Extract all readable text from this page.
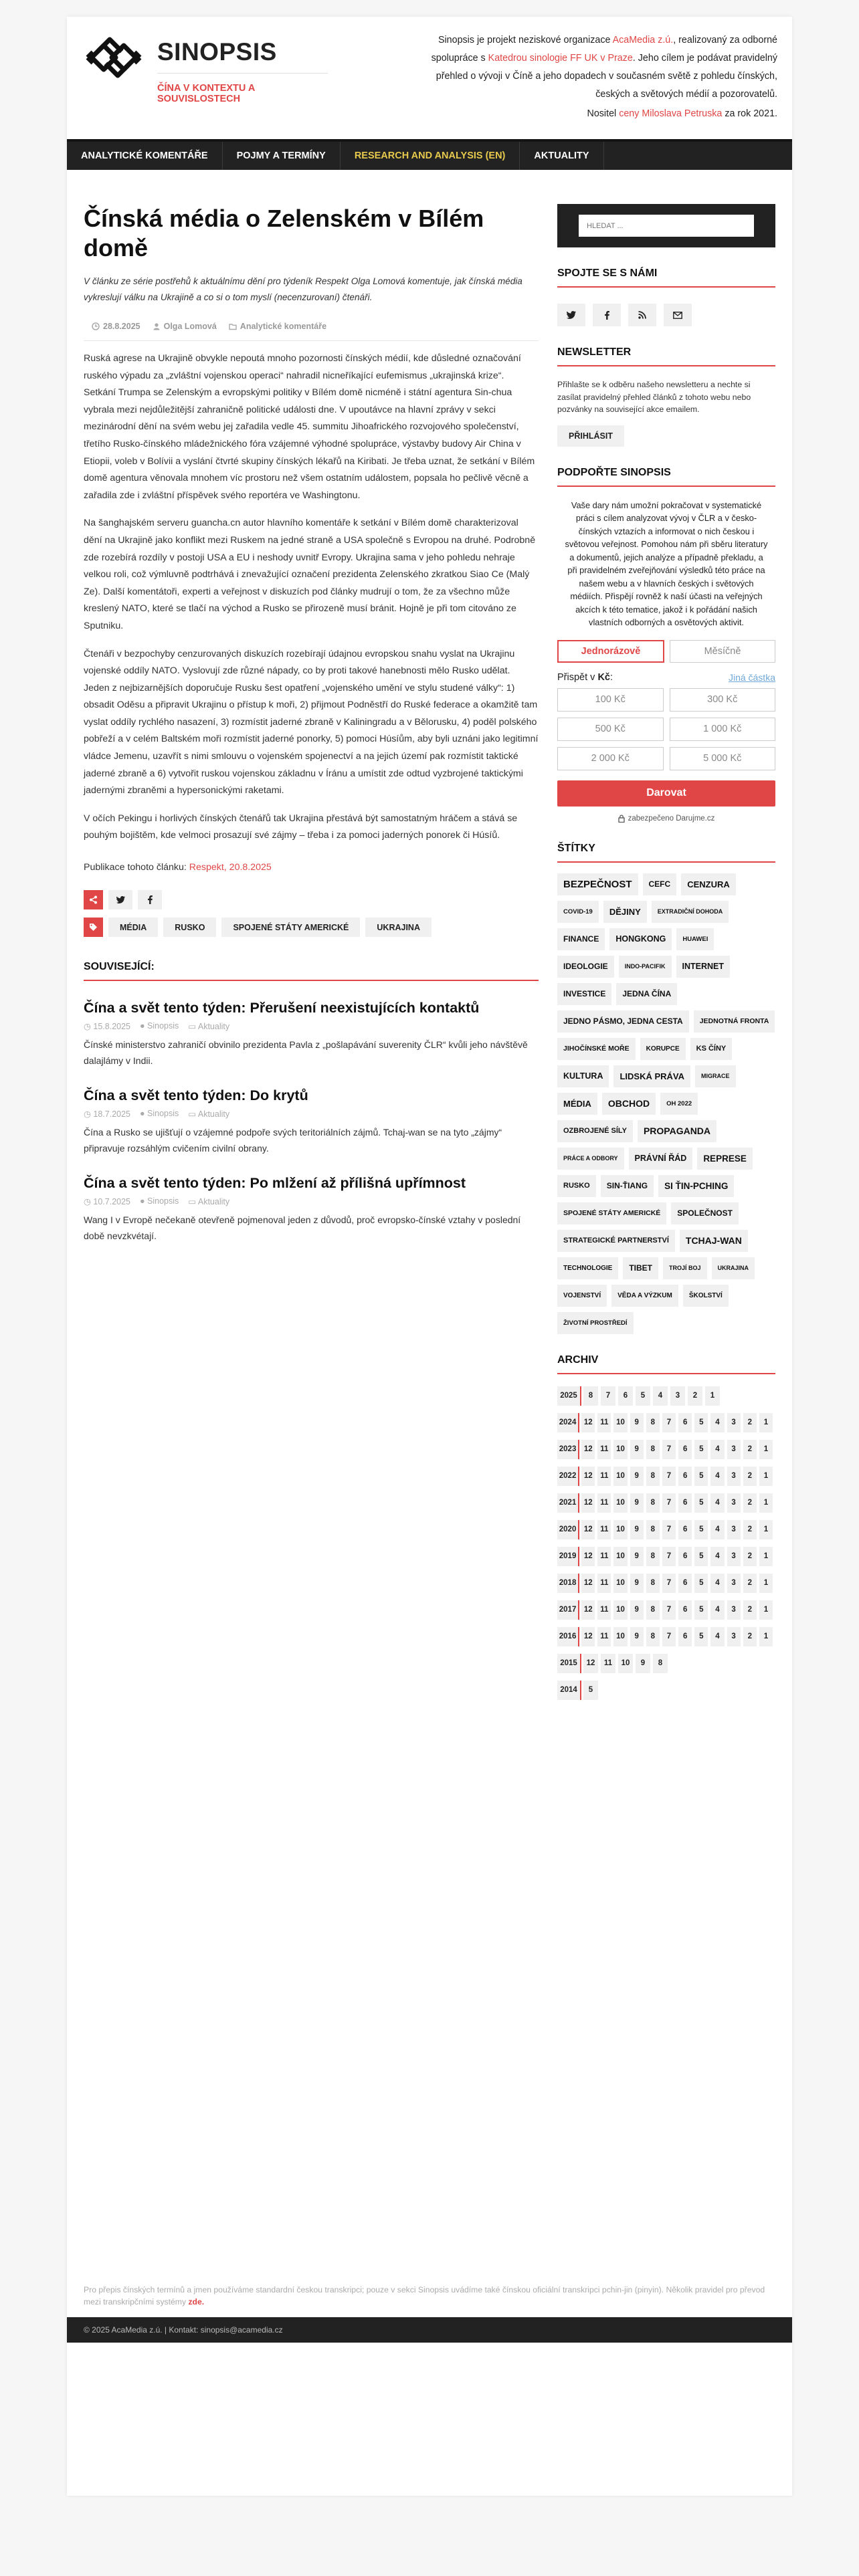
SINOPSIS
ČÍNA V KONTEXTU A SOUVISLOSTECH
Sinopsis je projekt neziskové organizace AcaMedia z.ú., realizovaný za odborné spolupráce s Katedrou sinologie FF UK v Praze. Jeho cílem je podávat pravidelný přehled o vývoji v Číně a jeho dopadech v současném světě z pohledu čínských, českých a světových médií a pozorovatelů.
Nositel ceny Miloslava Petruska za rok 2021.
ANALYTICKÉ KOMENTÁŘE	POJMY A TERMÍNY	RESEARCH AND ANALYSIS (EN)	AKTUALITY
Čínská média o Zelenském v Bílém domě

V článku ze série postřehů k aktuálnímu dění pro týdeník Respekt Olga Lomová komentuje, jak čínská média vykreslují válku na Ukrajině a co si o tom myslí (necenzurovaní) čtenáři.

28.8.2025	Olga Lomová	Analytické komentáře

Ruská agrese na Ukrajině obvykle nepoutá mnoho pozornosti čínských médií, kde důsledné označování ruského výpadu za „zvláštní vojenskou operaci“ nahradil nicneříkající eufemismus „ukrajinská krize“. Setkání Trumpa se Zelenským a evropskými politiky v Bílém domě nicméně i státní agentura Sin-chua vybrala mezi nejdůležitější zahraničně politické události dne. V upoutávce na hlavní zprávy v sekci mezinárodní dění na svém webu jej zařadila vedle 45. summitu Jihoafrického rozvojového společenství, třetího Rusko-čínského mládežnického fóra vzájemné výhodné spolupráce, výstavby budovy Air China v Etiopii, voleb v Bolívii a vyslání čtvrté skupiny čínských lékařů na Kiribati. Je třeba uznat, že setkání v Bílém domě agentura věnovala mnohem víc prostoru než všem ostatním událostem, popsala ho pečlivě věcně a zařadila zde i zvláštní příspěvek svého reportéra ve Washingtonu.

Na šanghajském serveru guancha.cn autor hlavního komentáře k setkání v Bílém domě charakterizoval dění na Ukrajině jako konflikt mezi Ruskem na jedné straně a USA společně s Evropou na druhé. Podrobně zde rozebírá rozdíly v postoji USA a EU i neshody uvnitř Evropy. Ukrajina sama v jeho pohledu nehraje velkou roli, což výmluvně podtrhává i znevažující označení prezidenta Zelenského zkratkou Siao Ce (Malý Ze). Další komentátoři, experti a veřejnost v diskuzích pod články mudrují o tom, že za všechno může kreslený NATO, které se tlačí na východ a Rusko se přirozeně musí bránit. Hojně je při tom citováno ze Sputniku.

Čtenáři v bezpochyby cenzurovaných diskuzích rozebírají údajnou evropskou snahu vyslat na Ukrajinu vojenské oddíly NATO. Vyslovují zde různé nápady, co by proti takové hanebnosti mělo Rusko udělat. Jeden z nejbizarnějších doporučuje Rusku šest opatření „vojenského umění ve stylu studené války“: 1) obsadit Oděsu a připravit Ukrajinu o přístup k moři, 2) přijmout Podněstří do Ruské federace a okamžitě tam vyslat oddíly rychlého nasazení, 3) rozmístit jaderné zbraně v Kaliningradu a v Bělorusku, 4) poděl polského pobřeží a v celém Baltském moři rozmístit jaderné ponorky, 5) pomoci Húsíům, aby byli uznáni jako legitimní vládce Jemenu, uzavřít s nimi smlouvu o vojenském spojenectví a na jejich území pak rozmístit taktické jaderné zbraně a 6) vytvořit ruskou vojenskou základnu v Íránu a umístit zde odtud vyzbrojené taktickými jadernými zbraněmi a hypersonickými raketami.

V očích Pekingu i horlivých čínských čtenářů tak Ukrajina přestává být samostatným hráčem a stává se pouhým bojištěm, kde velmoci prosazují své zájmy – třeba i za pomoci jaderných ponorek či Húsíů.

Publikace tohoto článku: Respekt, 20.8.2025

MÉDIA	RUSKO	SPOJENÉ STÁTY AMERICKÉ	UKRAJINA
SOUVISEJÍCÍ:
Čína a svět tento týden: Přerušení neexistujících kontaktů
◷ 15.8.2025 ● Sinopsis ▭ Aktuality

Čínské ministerstvo zahraničí obvinilo prezidenta Pavla z „pošlapávání suverenity ČLR“ kvůli jeho návštěvě dalajlámy v Indii.

Čína a svět tento týden: Do krytů
◷ 18.7.2025 ● Sinopsis ▭ Aktuality

Čína a Rusko se ujišťují o vzájemné podpoře svých teritoriálních zájmů. Tchaj-wan se na tyto „zájmy“ připravuje rozsáhlým cvičením civilní obrany.

Čína a svět tento týden: Po mlžení až přílišná upřímnost
◷ 10.7.2025 ● Sinopsis ▭ Aktuality

Wang I v Evropě nečekaně otevřeně pojmenoval jeden z důvodů, proč evropsko-čínské vztahy v poslední době nevzkvétají.

HLEDAT ...
SPOJTE SE S NÁMI
NEWSLETTER

Přihlašte se k odběru našeho newsletteru a nechte si zasílat pravidelný přehled článků z tohoto webu nebo pozvánky na související akce emailem.

PŘIHLÁSIT
PODPOŘTE SINOPSIS

Vaše dary nám umožní pokračovat v systematické práci s cílem analyzovat vývoj v ČLR a v česko-čínských vztazích a informovat o nich českou i světovou veřejnost. Pomohou nám při sběru literatury a dokumentů, jejich analýze a případně překladu, a při pravidelném zveřejňování výsledků této práce na našem webu a v hlavních českých i světových médiích. Přispějí rovněž k naší účasti na veřejných akcích k této tematice, jakož i k pořádání našich vlastních odborných a osvětových aktivit.

Jednorázově	Měsíčně
Přispět v Kč:	Jiná částka
100 Kč	300 Kč
500 Kč	1 000 Kč
2 000 Kč	5 000 Kč
Darovat
zabezpečeno Darujme.cz
ŠTÍTKY
BEZPEČNOST	CEFC	CENZURA
COVID-19	DĚJINY	EXTRADIČNÍ DOHODA
FINANCE	HONGKONG	HUAWEI
IDEOLOGIE	INDO-PACIFIK	INTERNET
INVESTICE	JEDNA ČÍNA
JEDNO PÁSMO, JEDNA CESTA	JEDNOTNÁ FRONTA
JIHOČÍNSKÉ MOŘE	KORUPCE	KS ČÍNY
KULTURA	LIDSKÁ PRÁVA	MIGRACE
MÉDIA	OBCHOD	OH 2022
OZBROJENÉ SÍLY	PROPAGANDA
PRÁCE A ODBORY	PRÁVNÍ ŘÁD	REPRESE
RUSKO	SIN-ŤIANG	SI ŤIN-PCHING
SPOJENÉ STÁTY AMERICKÉ	SPOLEČNOST
STRATEGICKÉ PARTNERSTVÍ	TCHAJ-WAN
TECHNOLOGIE	TIBET	TROJÍ BOJ	UKRAJINA
VOJENSTVÍ	VĚDA A VÝZKUM	ŠKOLSTVÍ
ŽIVOTNÍ PROSTŘEDÍ
ARCHIV
2025	8	7	6	5	4	3	2	1
2024 12	11	10	9	8	7	6	5	4	3	2	1
2023 12	11	10	9	8	7	6	5	4	3	2	1
2022 12	11	10	9	8	7	6	5	4	3	2	1
2021 12	11	10	9	8	7	6	5	4	3	2	1
2020 12	11	10	9	8	7	6	5	4	3	2	1
2019 12	11	10	9	8	7	6	5	4	3	2	1
2018 12	11	10	9	8	7	6	5	4	3	2	1
2017 12	11	10	9	8	7	6	5	4	3	2	1
2016 12	11	10	9	8	7	6	5	4	3	2	1
2015	12	11	10	9	8
2014	5

Pro přepis čínských termínů a jmen používáme standardní českou transkripci; pouze v sekci Sinopsis uvádíme také čínskou oficiální transkripci pchin-jin (pinyin). Několik pravidel pro převod mezi transkripčními systémy zde.

© 2025 AcaMedia z.ú. | Kontakt: sinopsis@acamedia.cz
